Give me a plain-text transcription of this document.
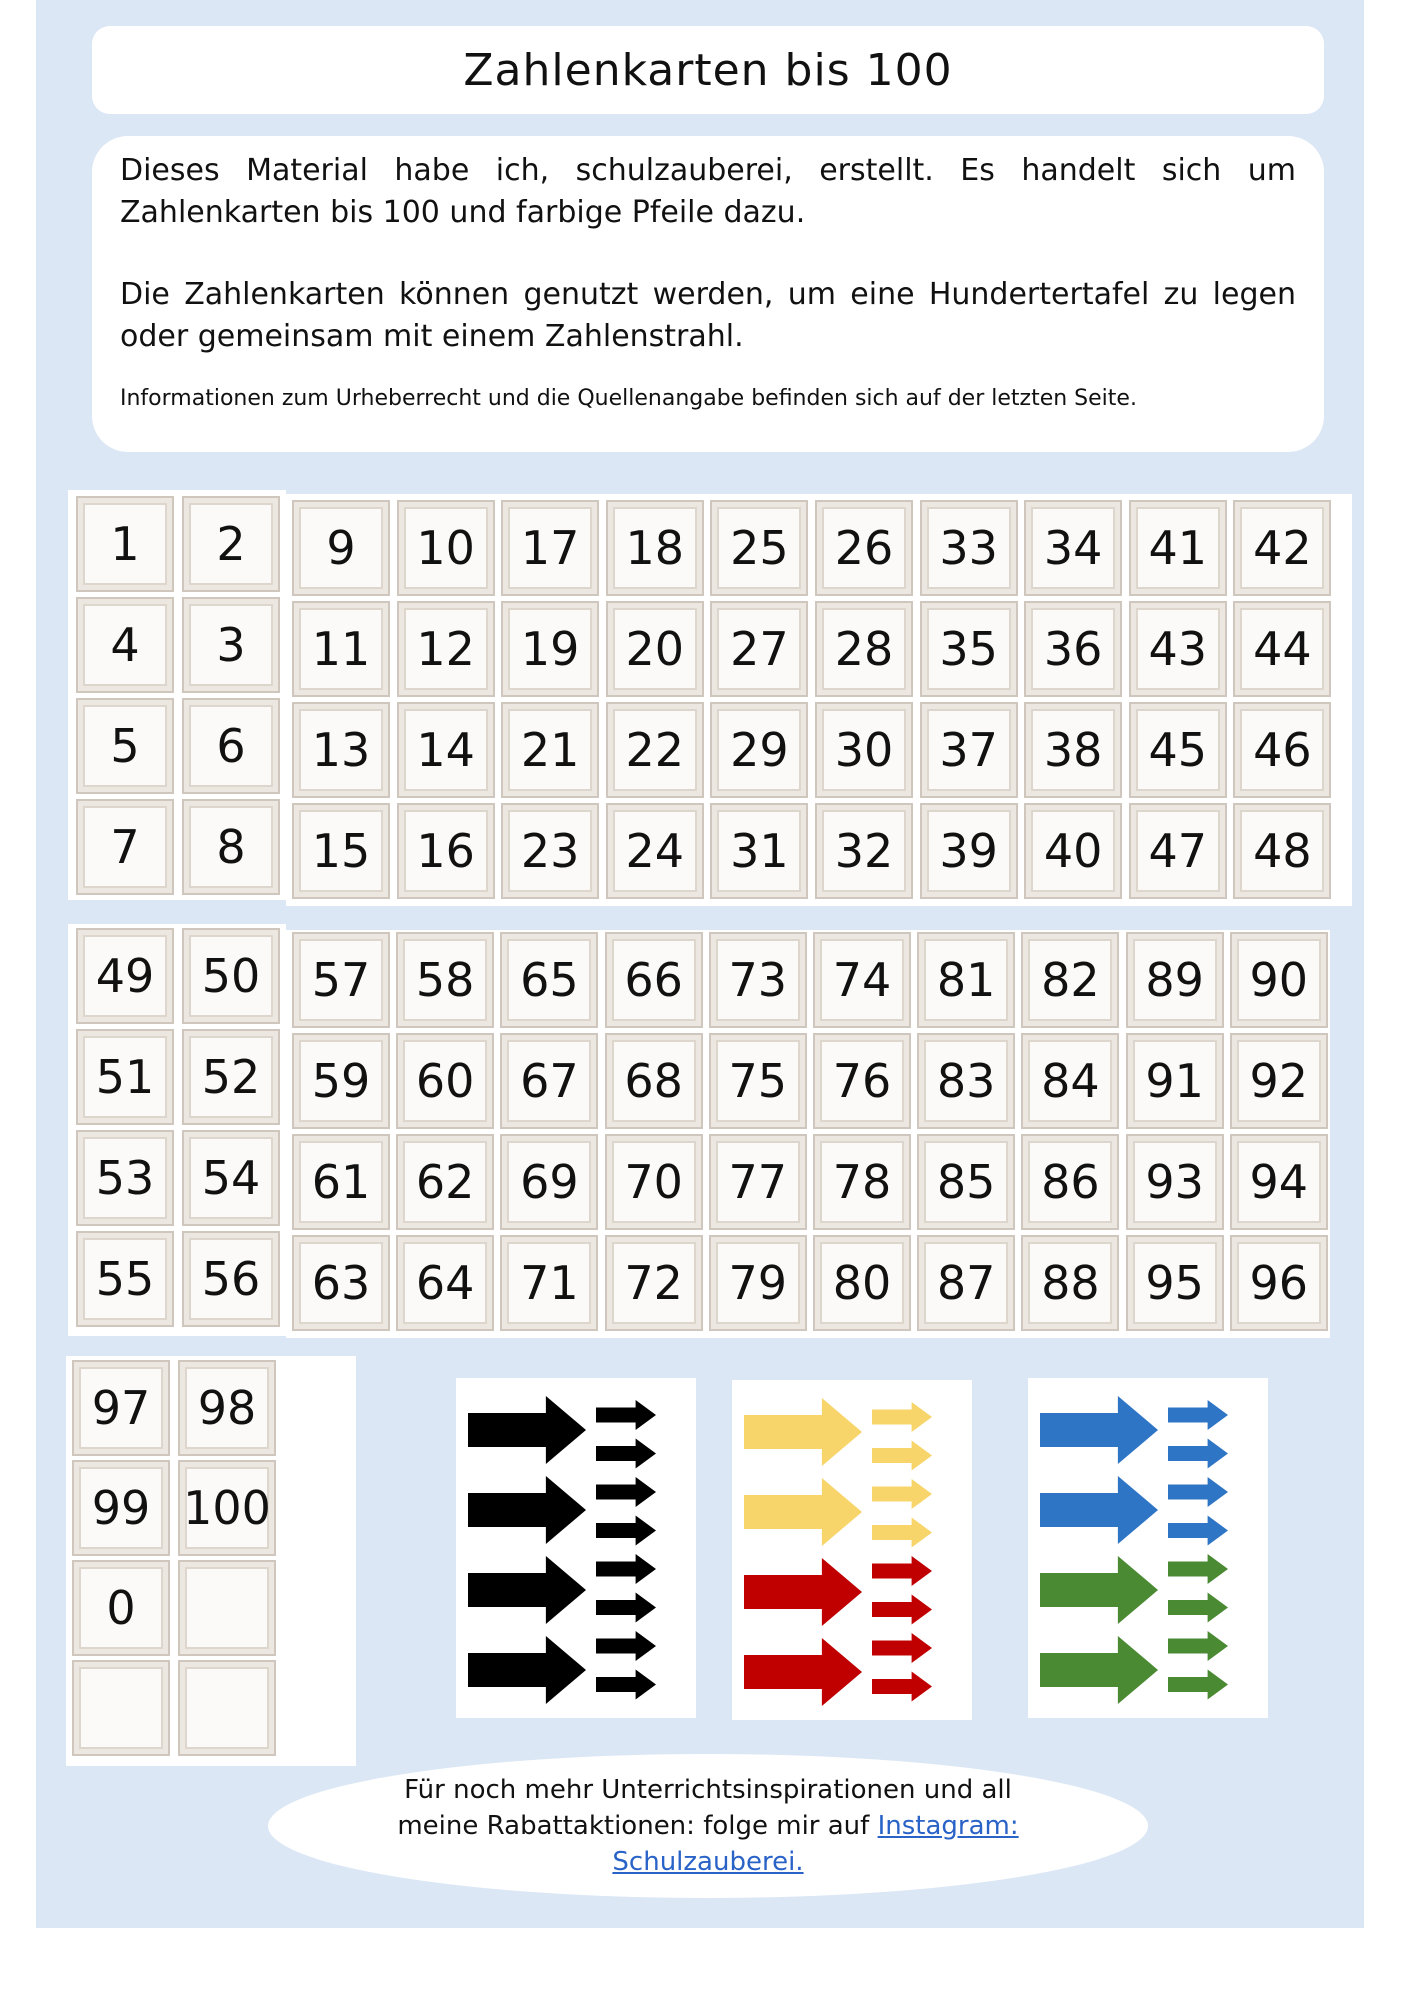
Zahlenkarten bis 100

Dieses Material habe ich, schulzauberei, erstellt. Es handelt sich um Zahlenkarten bis 100 und farbige Pfeile dazu.

Die Zahlenkarten können genutzt werden, um eine Hundertertafel zu legen oder gemeinsam mit einem Zahlenstrahl.

Informationen zum Urheberrecht und die Quellenangabe befinden sich auf der letzten Seite.

1 2
4 3
5 6
7 8
9 10 17 18 25 26 33 34 41 42
11 12 19 20 27 28 35 36 43 44
13 14 21 22 29 30 37 38 45 46
15 16 23 24 31 32 39 40 47 48
49 50
51 52
53 54
55 56
57 58 65 66 73 74 81 82 89 90
59 60 67 68 75 76 83 84 91 92
61 62 69 70 77 78 85 86 93 94
63 64 71 72 79 80 87 88 95 96
97 98
99 100
0
Für noch mehr Unterrichtsinspirationen und all
meine Rabattaktionen: folge mir auf Instagram:
Schulzauberei.
